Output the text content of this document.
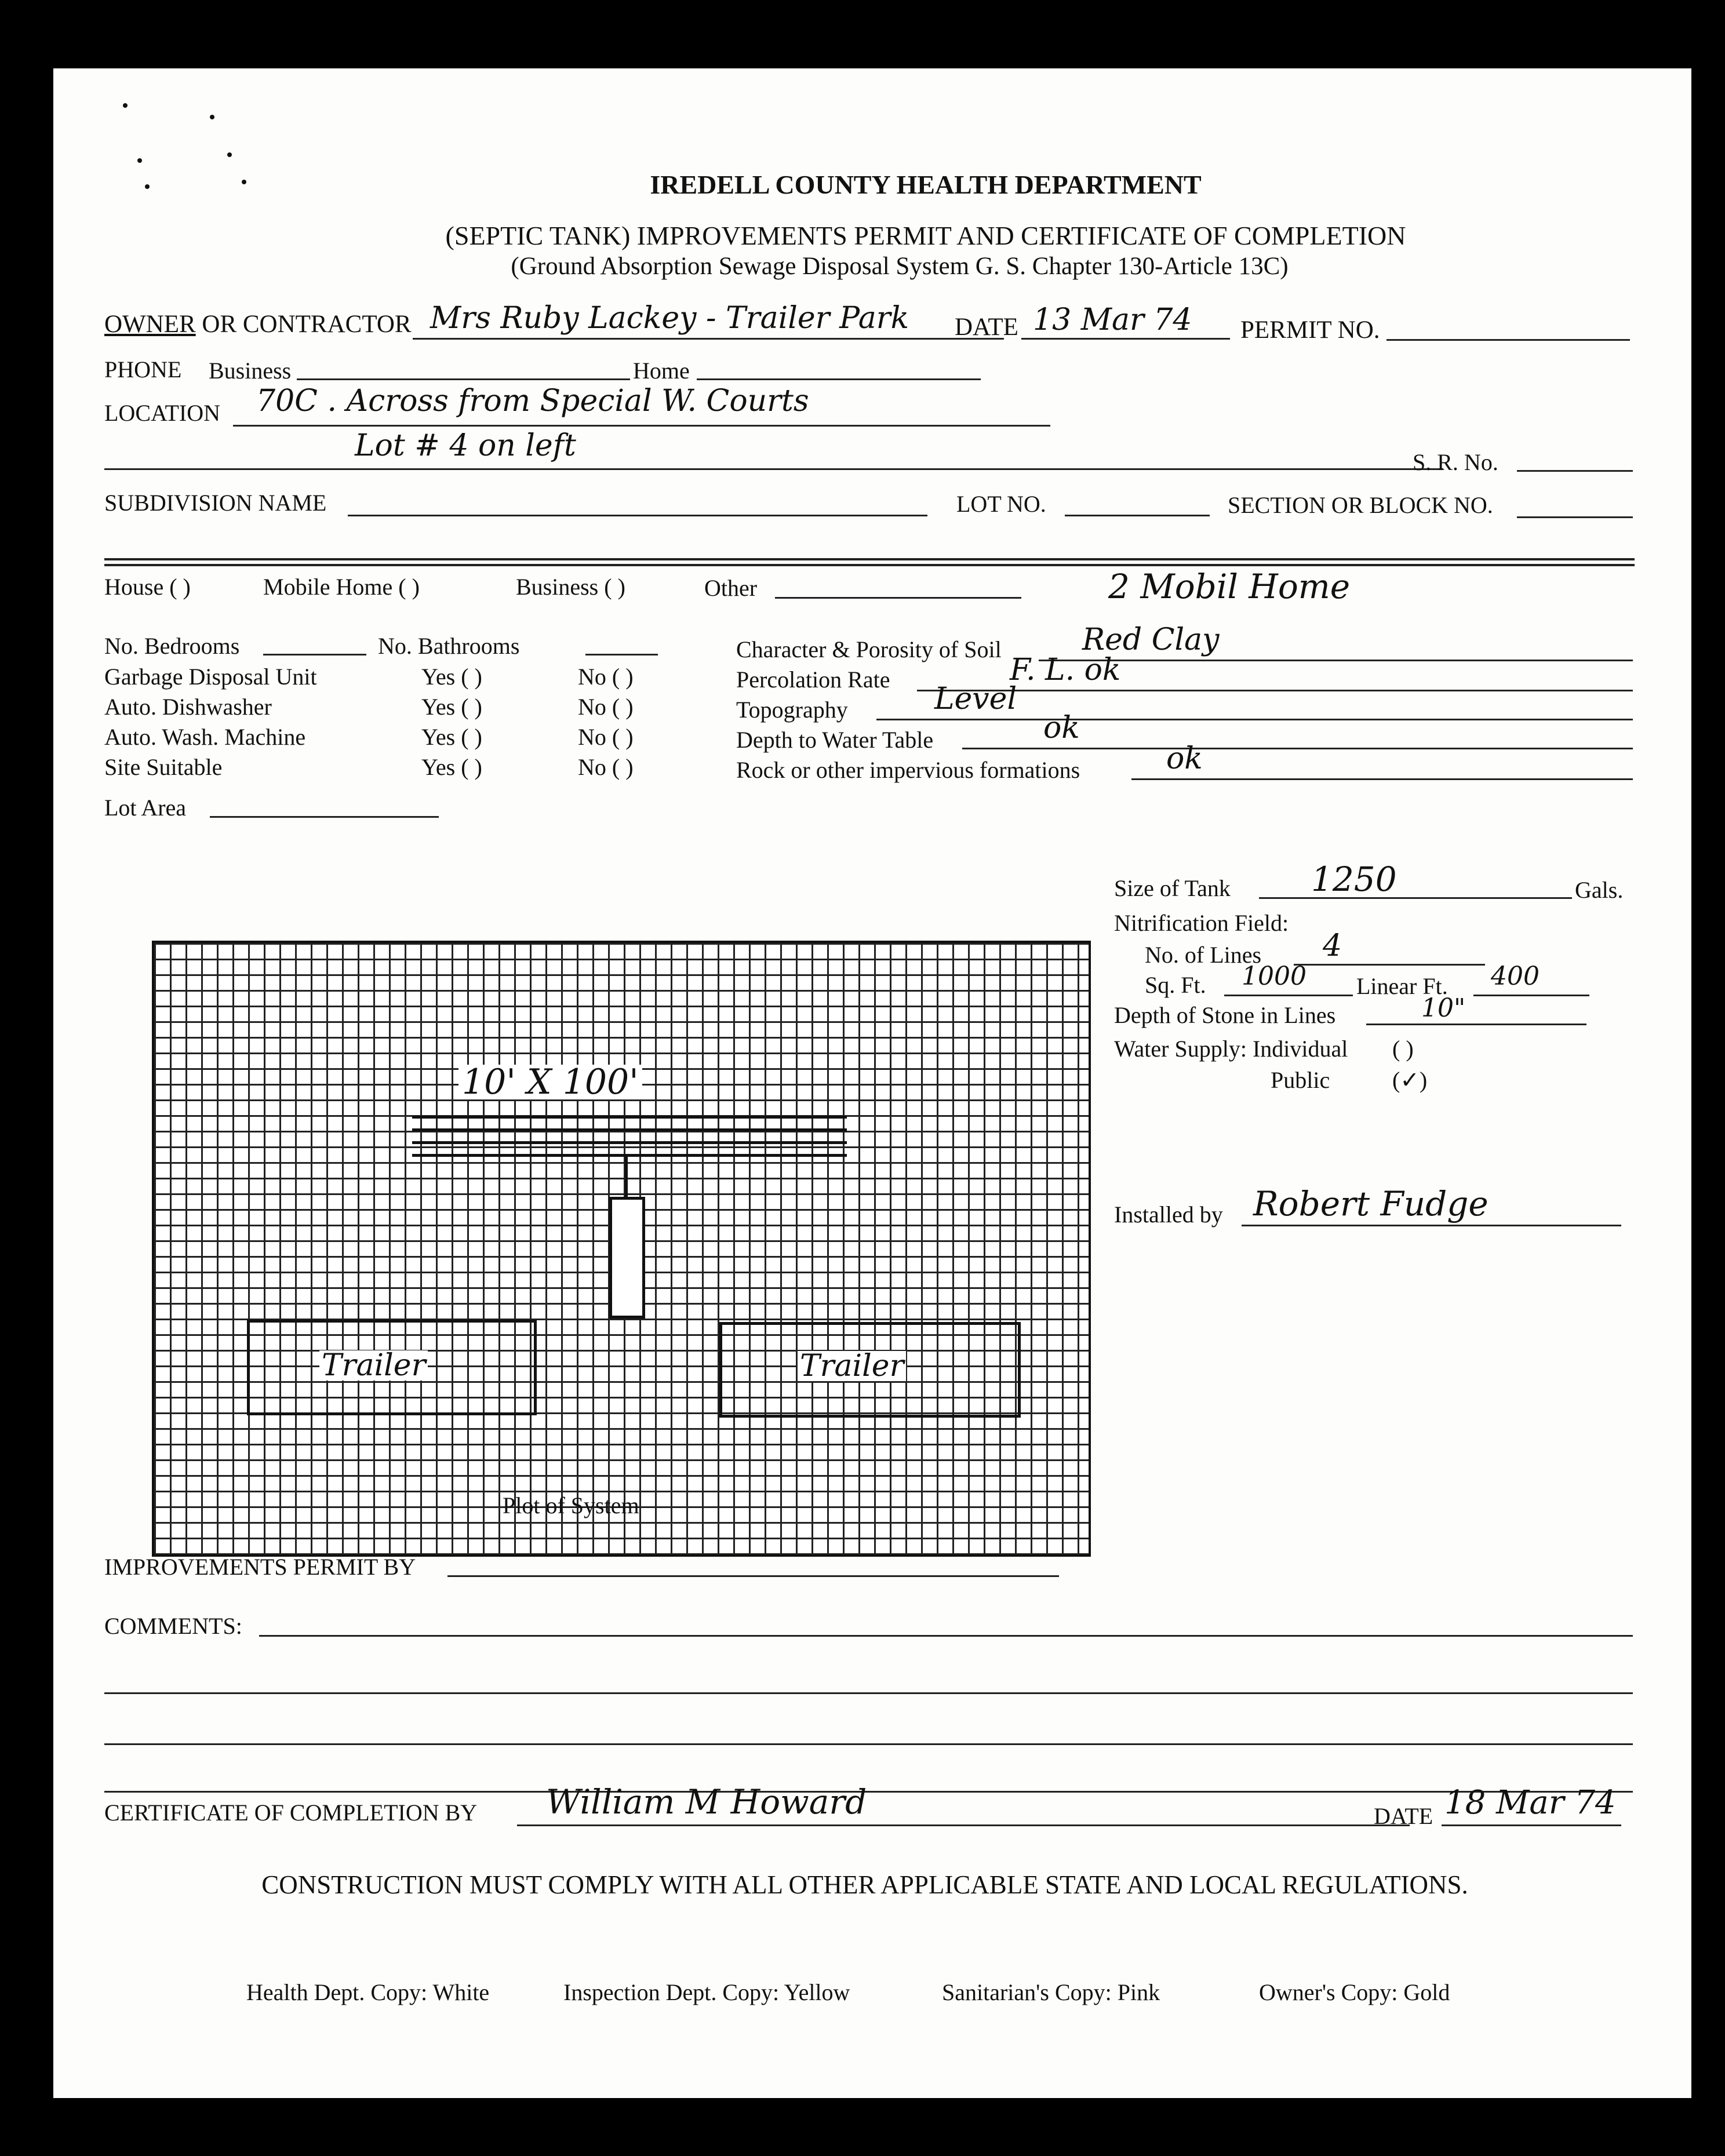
IREDELL COUNTY HEALTH DEPARTMENT
(SEPTIC TANK) IMPROVEMENTS PERMIT AND CERTIFICATE OF COMPLETION
(Ground Absorption Sewage Disposal System G. S. Chapter 130-Article 13C)
OWNER OR CONTRACTOR Mrs Ruby Lackey - Trailer Park DATE 13 Mar 74 PERMIT NO.
PHONE Business	Home
LOCATION 70C . Across from Special W. Courts
Lot # 4 on left	S. R. No.
SUBDIVISION NAME	LOT NO.	SECTION OR BLOCK NO.
House ( )	Mobile Home ( )	Business ( )	Other	2 Mobil Home
No. Bedrooms	No. Bathrooms
Garbage Disposal Unit	Yes ( )	No ( )
Auto. Dishwasher	Yes ( )	No ( )
Auto. Wash. Machine	Yes ( )	No ( )
Site Suitable	Yes ( )	No ( )
Lot Area
Character & Porosity of Soil	Red Clay
Percolation Rate	F. L. ok
Topography	Level
Depth to Water Table	ok
Rock or other impervious formations	ok
10' X 100'
Trailer	Trailer
Plot of System
Size of Tank 1250	Gals.
Nitrification Field:
No. of Lines 4
Sq. Ft. 1000 Linear Ft. 400
Depth of Stone in Lines	10"
Water Supply: Individual ( )
Public	(✓)
Installed by Robert Fudge
IMPROVEMENTS PERMIT BY
COMMENTS:
CERTIFICATE OF COMPLETION BY William M Howard	DATE 18 Mar 74
CONSTRUCTION MUST COMPLY WITH ALL OTHER APPLICABLE STATE AND LOCAL REGULATIONS.
Health Dept. Copy: White	Inspection Dept. Copy: Yellow	Sanitarian's Copy: Pink	Owner's Copy: Gold
